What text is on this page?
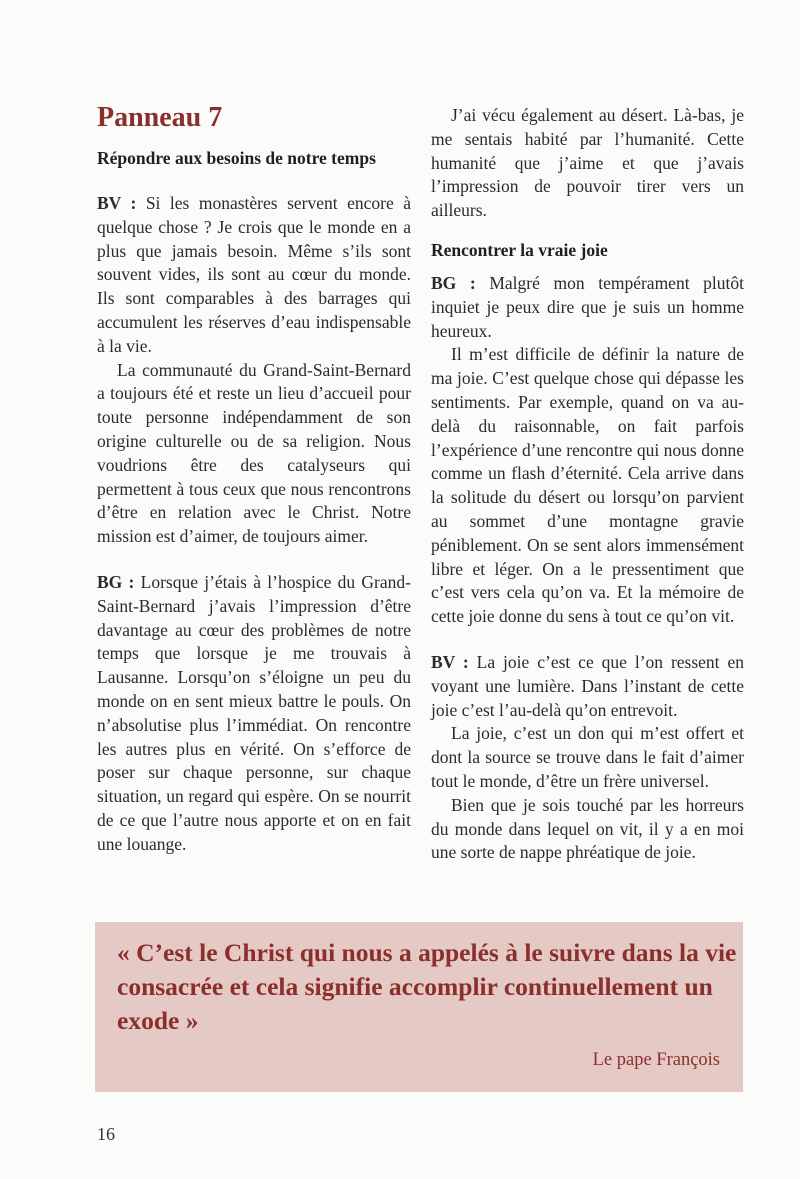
Panneau 7
Répondre aux besoins de notre temps

BV : Si les monastères servent encore à quelque chose ? Je crois que le monde en a plus que jamais besoin. Même s’ils sont souvent vides, ils sont au cœur du monde. Ils sont comparables à des barrages qui accumulent les réserves d’eau indispensable à la vie.

La communauté du Grand-Saint-Bernard a toujours été et reste un lieu d’accueil pour toute personne indépendamment de son origine culturelle ou de sa religion. Nous voudrions être des catalyseurs qui permettent à tous ceux que nous rencontrons d’être en relation avec le Christ. Notre mission est d’aimer, de toujours aimer.

BG : Lorsque j’étais à l’hospice du Grand-Saint-Bernard j’avais l’impression d’être davantage au cœur des problèmes de notre temps que lorsque je me trouvais à Lausanne. Lorsqu’on s’éloigne un peu du monde on en sent mieux battre le pouls. On n’absolutise plus l’immédiat. On rencontre les autres plus en vérité. On s’efforce de poser sur chaque personne, sur chaque situation, un regard qui espère. On se nourrit de ce que l’autre nous apporte et on en fait une louange.

J’ai vécu également au désert. Là-bas, je me sentais habité par l’humanité. Cette humanité que j’aime et que j’avais l’impression de pouvoir tirer vers un ailleurs.

Rencontrer la vraie joie

BG : Malgré mon tempérament plutôt inquiet je peux dire que je suis un homme heureux.

Il m’est difficile de définir la nature de ma joie. C’est quelque chose qui dépasse les sentiments. Par exemple, quand on va au-delà du raisonnable, on fait parfois l’expérience d’une rencontre qui nous donne comme un flash d’éternité. Cela arrive dans la solitude du désert ou lorsqu’on parvient au sommet d’une montagne gravie péniblement. On se sent alors immensément libre et léger. On a le pressentiment que c’est vers cela qu’on va. Et la mémoire de cette joie donne du sens à tout ce qu’on vit.

BV : La joie c’est ce que l’on ressent en voyant une lumière. Dans l’instant de cette joie c’est l’au-delà qu’on entrevoit.

La joie, c’est un don qui m’est offert et dont la source se trouve dans le fait d’aimer tout le monde, d’être un frère universel.

Bien que je sois touché par les horreurs du monde dans lequel on vit, il y a en moi une sorte de nappe phréatique de joie.

« C’est le Christ qui nous a appelés à le suivre dans la vie consacrée et cela signifie accomplir continuellement un exode »
Le pape François
16
